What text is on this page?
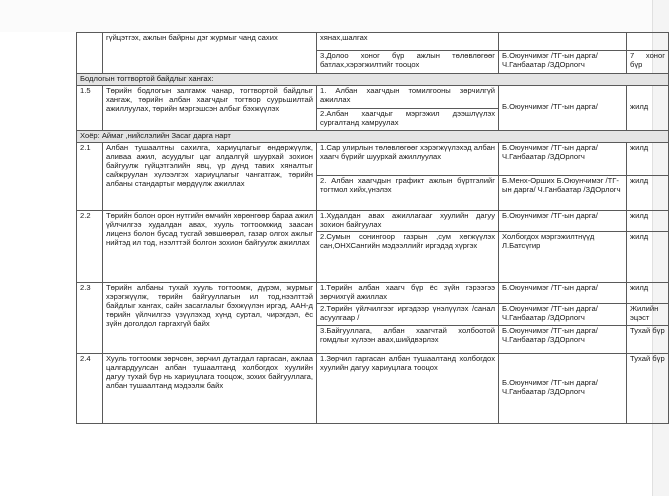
	гүйцэтгэх, ажлын байрны дэг журмыг чанд сахих	хянах,шалгах		
		3.Долоо хоног бүр ажлын төлөвлөгөөг батлах,хэрэгжилтийг тооцох	Б.Оюунчимэг /ТГ-ын дарга/ Ч.Ганбаатар /ЗДОрлогч	7 хоног бүр
Бодлогын тогтвортой байдлыг хангах:				
1.5	Төрийн бодлогын залгамж чанар, тогтвортой байдлыг хангаж, төрийн албан хаагчдыг тогтвор суурьшилтай ажиллуулах, төрийн мэргэшсэн албыг бэхжүүлэх	1. Албан хаагчдын томилгооны зөрчилгүй ажиллах	Б.Оюунчимэг /ТГ-ын дарга/	жилд
		2.Албан хаагчдыг мэргэжил дээшлүүлэх сургалтанд хамруулах		
Хоёр: Аймаг ,нийслэлийн Засаг дарга нарт				
2.1	Албан тушаалтны сахилга, хариуцлагыг өндөржүүлж, аливаа ажил, асуудлыг цаг алдалгүй шуурхай зохион байгуулж гүйцэтгэлийн явц, үр дүнд тавих хяналтыг сайжруулан хүлээлгэх хариуцлагыг чангатгаж, төрийн албаны стандартыг мөрдүүлж ажиллах	1.Сар улирлын төлөвлөгөөг хэрэгжүүлэхэд албан хаагч бүрийг шуурхай ажиллуулах	Б.Оюунчимэг /ТГ-ын дарга/ Ч.Ганбаатар /ЗДОрлогч	жилд
		2. Албан хаагчдын графикт ажлын бүртгэлийг тогтмол хийх,үнэлэх	Б.Менх-Орших Б.Оюунчимэг /ТГ-ын дарга/ Ч.Ганбаатар /ЗДОрлогч	жилд
2.2	Төрийн болон орон нутгийн өмчийн хөрөнгөөр бараа ажил үйлчилгээ худалдан авах, хууль тогтоомжид заасан лиценз болон бусад тусгай зөвшөөрөл, газар олгох ажлыг нийтэд ил тод, нээлттэй болгон зохион байгуулж ажиллах	1.Худалдан авах ажиллагааг хуулийн дагуу зохион байгуулах	Б.Оюунчимэг /ТГ-ын дарга/	жилд
		2.Сумын сонингоор газрын ,сум хөгжүүлэх сан,ОНХСангийн мэдээллийг иргэдэд хүргэх	Холбогдох мэргэжилтнүүд Л.Батсүгир	жилд
2.3	Төрийн албаны тухай хууль тогтоомж, дүрэм, журмыг хэрэгжүүлж, төрийн байгууллагын ил тод,нээлттэй байдлыг хангах, сайн засаглалыг бэхжүүлэн иргэд, ААН-д төрийн үйлчилгээ үзүүлэхэд хүнд суртал, чирэгдэл, ёс зүйн доголдол гаргахгүй байх	1.Төрийн албан хаагч бүр ёс зүйн гэрээгээ зөрчихгүй ажиллах	Б.Оюунчимэг /ТГ-ын дарга/	жилд
		2.Төрийн үйлчилгээг иргэдээр үнэлүүлэх /санал асуулгаар /	Б.Оюунчимэг /ТГ-ын дарга/ Ч.Ганбаатар /ЗДОрлогч	Жилийн эцэст
		3.Байгууллага, албан хаагчтай холбоотой гомдлыг хүлээн авах,шийдвэрлэх	Б.Оюунчимэг /ТГ-ын дарга/ Ч.Ганбаатар /ЗДОрлогч	Тухай бүр
2.4	Хууль тогтоомж зөрчсөн, зөрчил дутагдал гаргасан, ажлаа цалгардуулсан албан тушаалтанд холбогдох хуулийн дагуу тухай бүр нь хариуцлага тооцож, зохих байгууллага, албан тушаалтанд мэдээлж байх	1.Зөрчил гаргасан албан тушаалтанд холбогдох хуулийн дагуу хариуцлага тооцох	Б.Оюунчимэг /ТГ-ын дарга/ Ч.Ганбаатар /ЗДОрлогч	Тухай бүр
